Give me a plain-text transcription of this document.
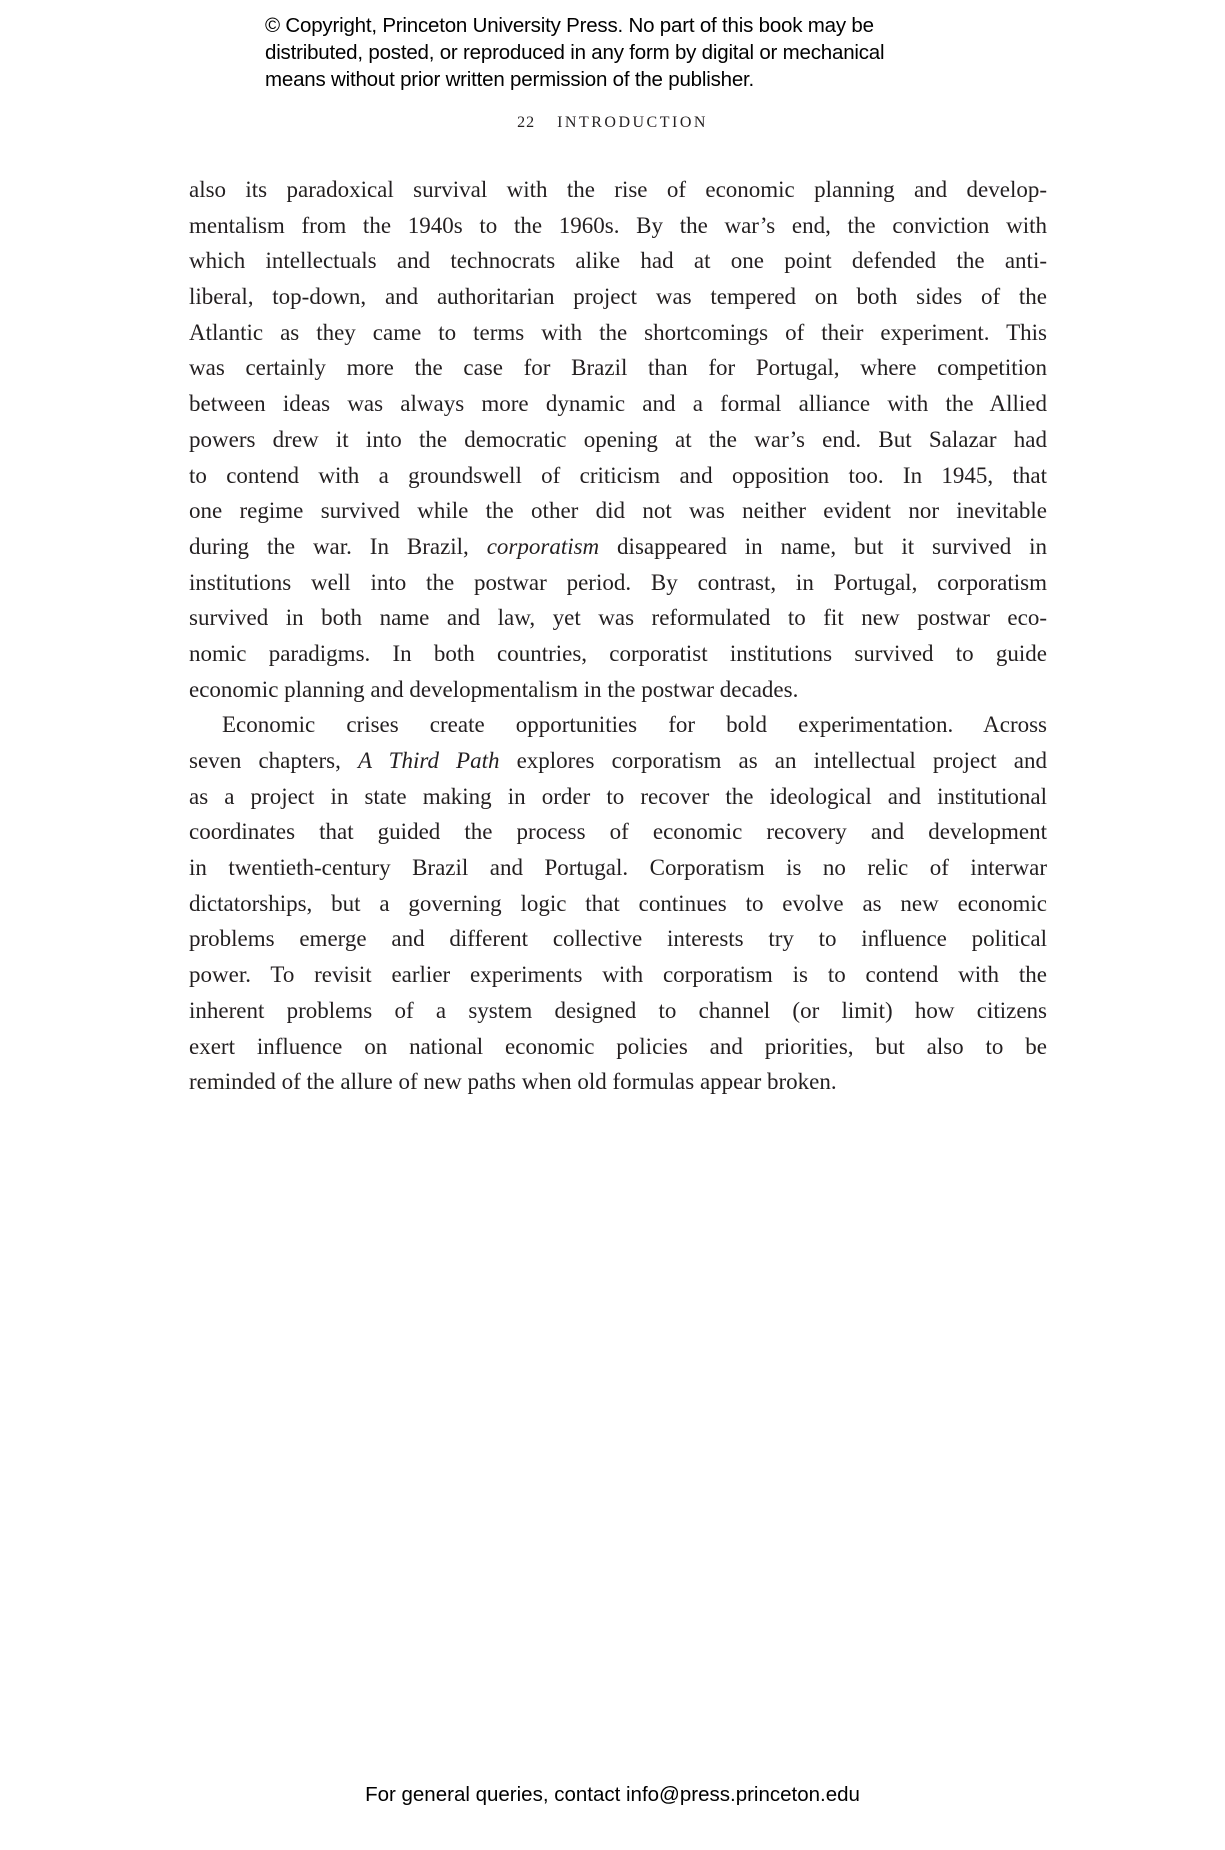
© Copyright, Princeton University Press. No part of this book may be
distributed, posted, or reproduced in any form by digital or mechanical
means without prior written permission of the publisher.
22 INTRODUCTION
also its paradoxical survival with the rise of economic planning and develop-
mentalism from the 1940s to the 1960s. By the war’s end, the conviction with
which intellectuals and technocrats alike had at one point defended the anti-
liberal, top-down, and authoritarian project was tempered on both sides of the
Atlantic as they came to terms with the shortcomings of their experiment. This
was certainly more the case for Brazil than for Portugal, where competition
between ideas was always more dynamic and a formal alliance with the Allied
powers drew it into the democratic opening at the war’s end. But Salazar had
to contend with a groundswell of criticism and opposition too. In 1945, that
one regime survived while the other did not was neither evident nor inevitable
during the war. In Brazil, corporatism disappeared in name, but it survived in
institutions well into the postwar period. By contrast, in Portugal, corporatism
survived in both name and law, yet was reformulated to fit new postwar eco-
nomic paradigms. In both countries, corporatist institutions survived to guide
economic planning and developmentalism in the postwar decades.
Economic crises create opportunities for bold experimentation. Across
seven chapters, A Third Path explores corporatism as an intellectual project and
as a project in state making in order to recover the ideological and institutional
coordinates that guided the process of economic recovery and development
in twentieth-century Brazil and Portugal. Corporatism is no relic of interwar
dictatorships, but a governing logic that continues to evolve as new economic
problems emerge and different collective interests try to influence political
power. To revisit earlier experiments with corporatism is to contend with the
inherent problems of a system designed to channel (or limit) how citizens
exert influence on national economic policies and priorities, but also to be
reminded of the allure of new paths when old formulas appear broken.
For general queries, contact info@press.princeton.edu
